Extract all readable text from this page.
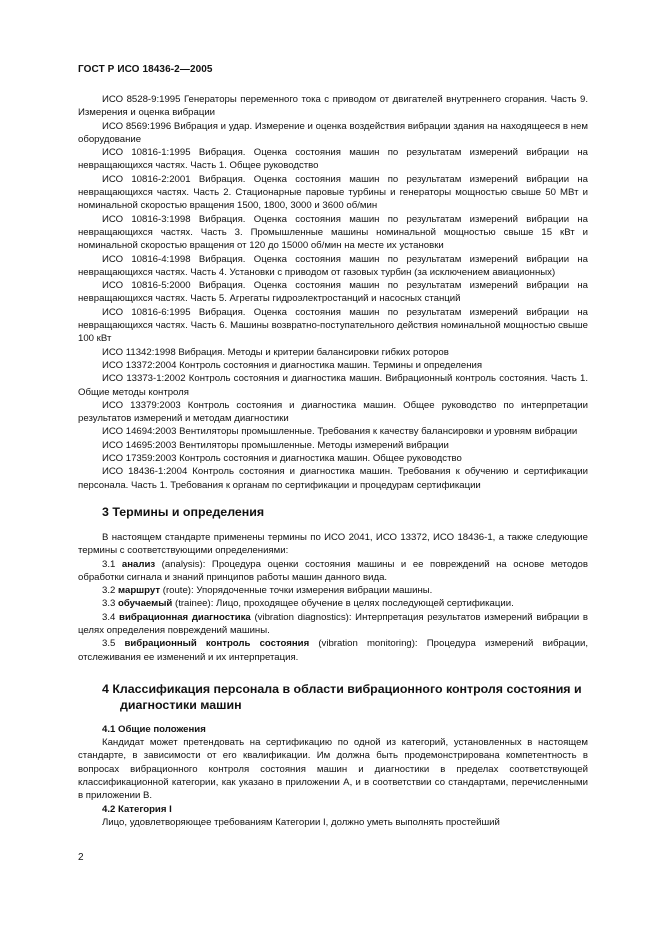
ГОСТ Р ИСО 18436-2—2005

ИСО 8528-9:1995 Генераторы переменного тока с приводом от двигателей внутреннего сгорания. Часть 9. Измерения и оценка вибрации

ИСО 8569:1996 Вибрация и удар. Измерение и оценка воздействия вибрации здания на находящееся в нем оборудование

ИСО 10816-1:1995 Вибрация. Оценка состояния машин по результатам измерений вибрации на невращающихся частях. Часть 1. Общее руководство

ИСО 10816-2:2001 Вибрация. Оценка состояния машин по результатам измерений вибрации на невращающихся частях. Часть 2. Стационарные паровые турбины и генераторы мощностью свыше 50 МВт и номинальной скоростью вращения 1500, 1800, 3000 и 3600 об/мин

ИСО 10816-3:1998 Вибрация. Оценка состояния машин по результатам измерений вибрации на невращающихся частях. Часть 3. Промышленные машины номинальной мощностью свыше 15 кВт и номинальной скоростью вращения от 120 до 15000 об/мин на месте их установки

ИСО 10816-4:1998 Вибрация. Оценка состояния машин по результатам измерений вибрации на невращающихся частях. Часть 4. Установки с приводом от газовых турбин (за исключением авиационных)

ИСО 10816-5:2000 Вибрация. Оценка состояния машин по результатам измерений вибрации на невращающихся частях. Часть 5. Агрегаты гидроэлектростанций и насосных станций

ИСО 10816-6:1995 Вибрация. Оценка состояния машин по результатам измерений вибрации на невращающихся частях. Часть 6. Машины возвратно-поступательного действия номинальной мощностью свыше 100 кВт

ИСО 11342:1998 Вибрация. Методы и критерии балансировки гибких роторов

ИСО 13372:2004 Контроль состояния и диагностика машин. Термины и определения

ИСО 13373-1:2002 Контроль состояния и диагностика машин. Вибрационный контроль состояния. Часть 1. Общие методы контроля

ИСО 13379:2003 Контроль состояния и диагностика машин. Общее руководство по интерпретации результатов измерений и методам диагностики

ИСО 14694:2003 Вентиляторы промышленные. Требования к качеству балансировки и уровням вибрации

ИСО 14695:2003 Вентиляторы промышленные. Методы измерений вибрации

ИСО 17359:2003 Контроль состояния и диагностика машин. Общее руководство

ИСО 18436-1:2004 Контроль состояния и диагностика машин. Требования к обучению и сертификации персонала. Часть 1. Требования к органам по сертификации и процедурам сертификации

3 Термины и определения

В настоящем стандарте применены термины по ИСО 2041, ИСО 13372, ИСО 18436-1, а также следующие термины с соответствующими определениями:

3.1 анализ (analysis): Процедура оценки состояния машины и ее повреждений на основе методов обработки сигнала и знаний принципов работы машин данного вида.

3.2 маршрут (route): Упорядоченные точки измерения вибрации машины.

3.3 обучаемый (trainee): Лицо, проходящее обучение в целях последующей сертификации.

3.4 вибрационная диагностика (vibration diagnostics): Интерпретация результатов измерений вибрации в целях определения повреждений машины.

3.5 вибрационный контроль состояния (vibration monitoring): Процедура измерений вибрации, отслеживания ее изменений и их интерпретация.

4 Классификация персонала в области вибрационного контроля состояния и диагностики машин

4.1 Общие положения

Кандидат может претендовать на сертификацию по одной из категорий, установленных в настоящем стандарте, в зависимости от его квалификации. Им должна быть продемонстрирована компетентность в вопросах вибрационного контроля состояния машин и диагностики в пределах соответствующей классификационной категории, как указано в приложении А, и в соответствии со стандартами, перечисленными в приложении В.

4.2 Категория I

Лицо, удовлетворяющее требованиям Категории I, должно уметь выполнять простейший

2
